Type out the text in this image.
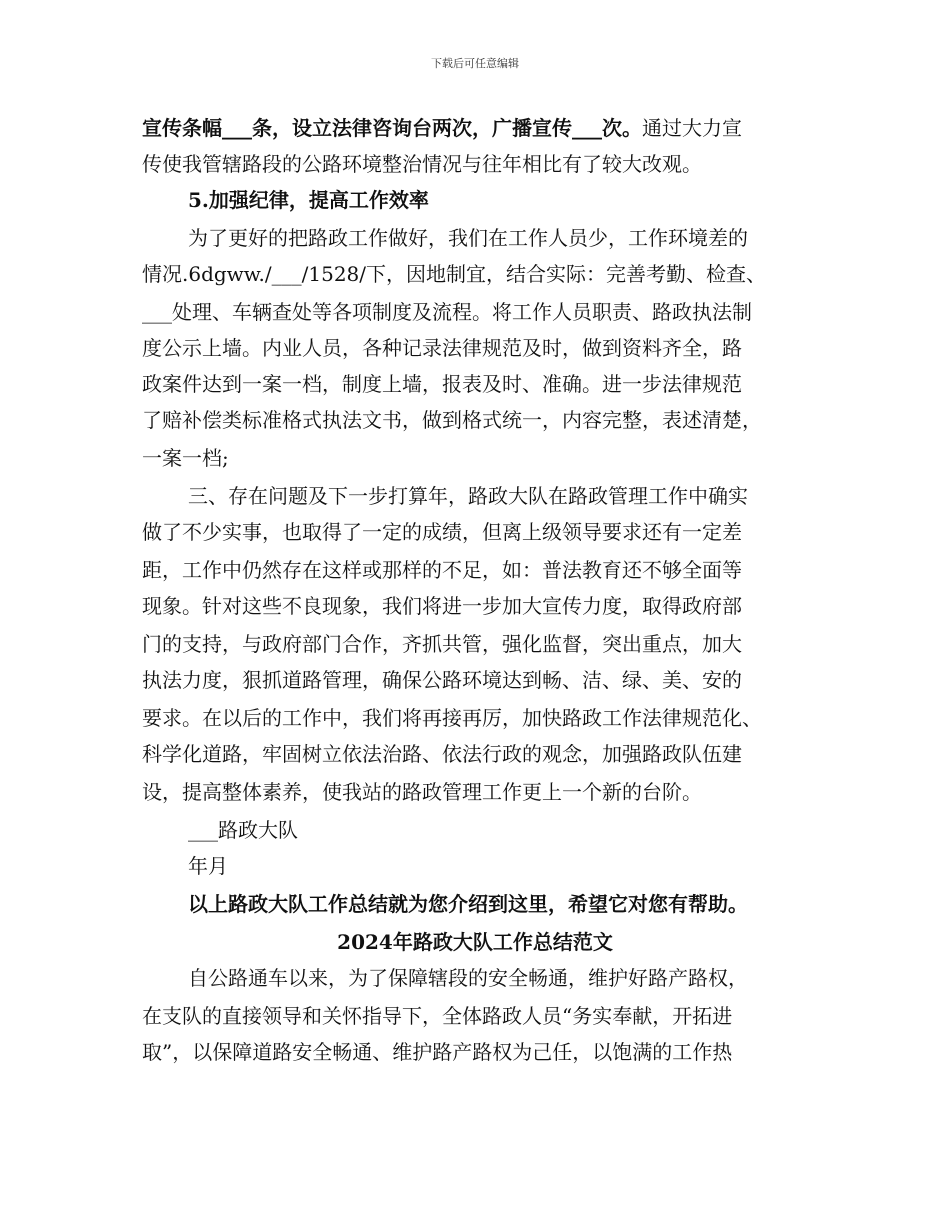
下载后可任意编辑
宣传条幅___条，设立法律咨询台两次，广播宣传___次。通过大力宣
传使我管辖路段的公路环境整治情况与往年相比有了较大改观。
5.加强纪律，提高工作效率
为了更好的把路政工作做好，我们在工作人员少，工作环境差的
情况.6dgww./___/1528/下，因地制宜，结合实际：完善考勤、检查、
___处理、车辆查处等各项制度及流程。将工作人员职责、路政执法制
度公示上墙。内业人员，各种记录法律规范及时，做到资料齐全，路
政案件达到一案一档，制度上墙，报表及时、准确。进一步法律规范
了赔补偿类标准格式执法文书，做到格式统一，内容完整，表述清楚，
一案一档;
三、存在问题及下一步打算年，路政大队在路政管理工作中确实
做了不少实事，也取得了一定的成绩，但离上级领导要求还有一定差
距，工作中仍然存在这样或那样的不足，如：普法教育还不够全面等
现象。针对这些不良现象，我们将进一步加大宣传力度，取得政府部
门的支持，与政府部门合作，齐抓共管，强化监督，突出重点，加大
执法力度，狠抓道路管理，确保公路环境达到畅、洁、绿、美、安的
要求。在以后的工作中，我们将再接再厉，加快路政工作法律规范化、
科学化道路，牢固树立依法治路、依法行政的观念，加强路政队伍建
设，提高整体素养，使我站的路政管理工作更上一个新的台阶。
___路政大队
年月
以上路政大队工作总结就为您介绍到这里，希望它对您有帮助。
2024年路政大队工作总结范文
自公路通车以来，为了保障辖段的安全畅通，维护好路产路权，
在支队的直接领导和关怀指导下，全体路政人员“务实奉献，开拓进
取”，以保障道路安全畅通、维护路产路权为己任，以饱满的工作热
